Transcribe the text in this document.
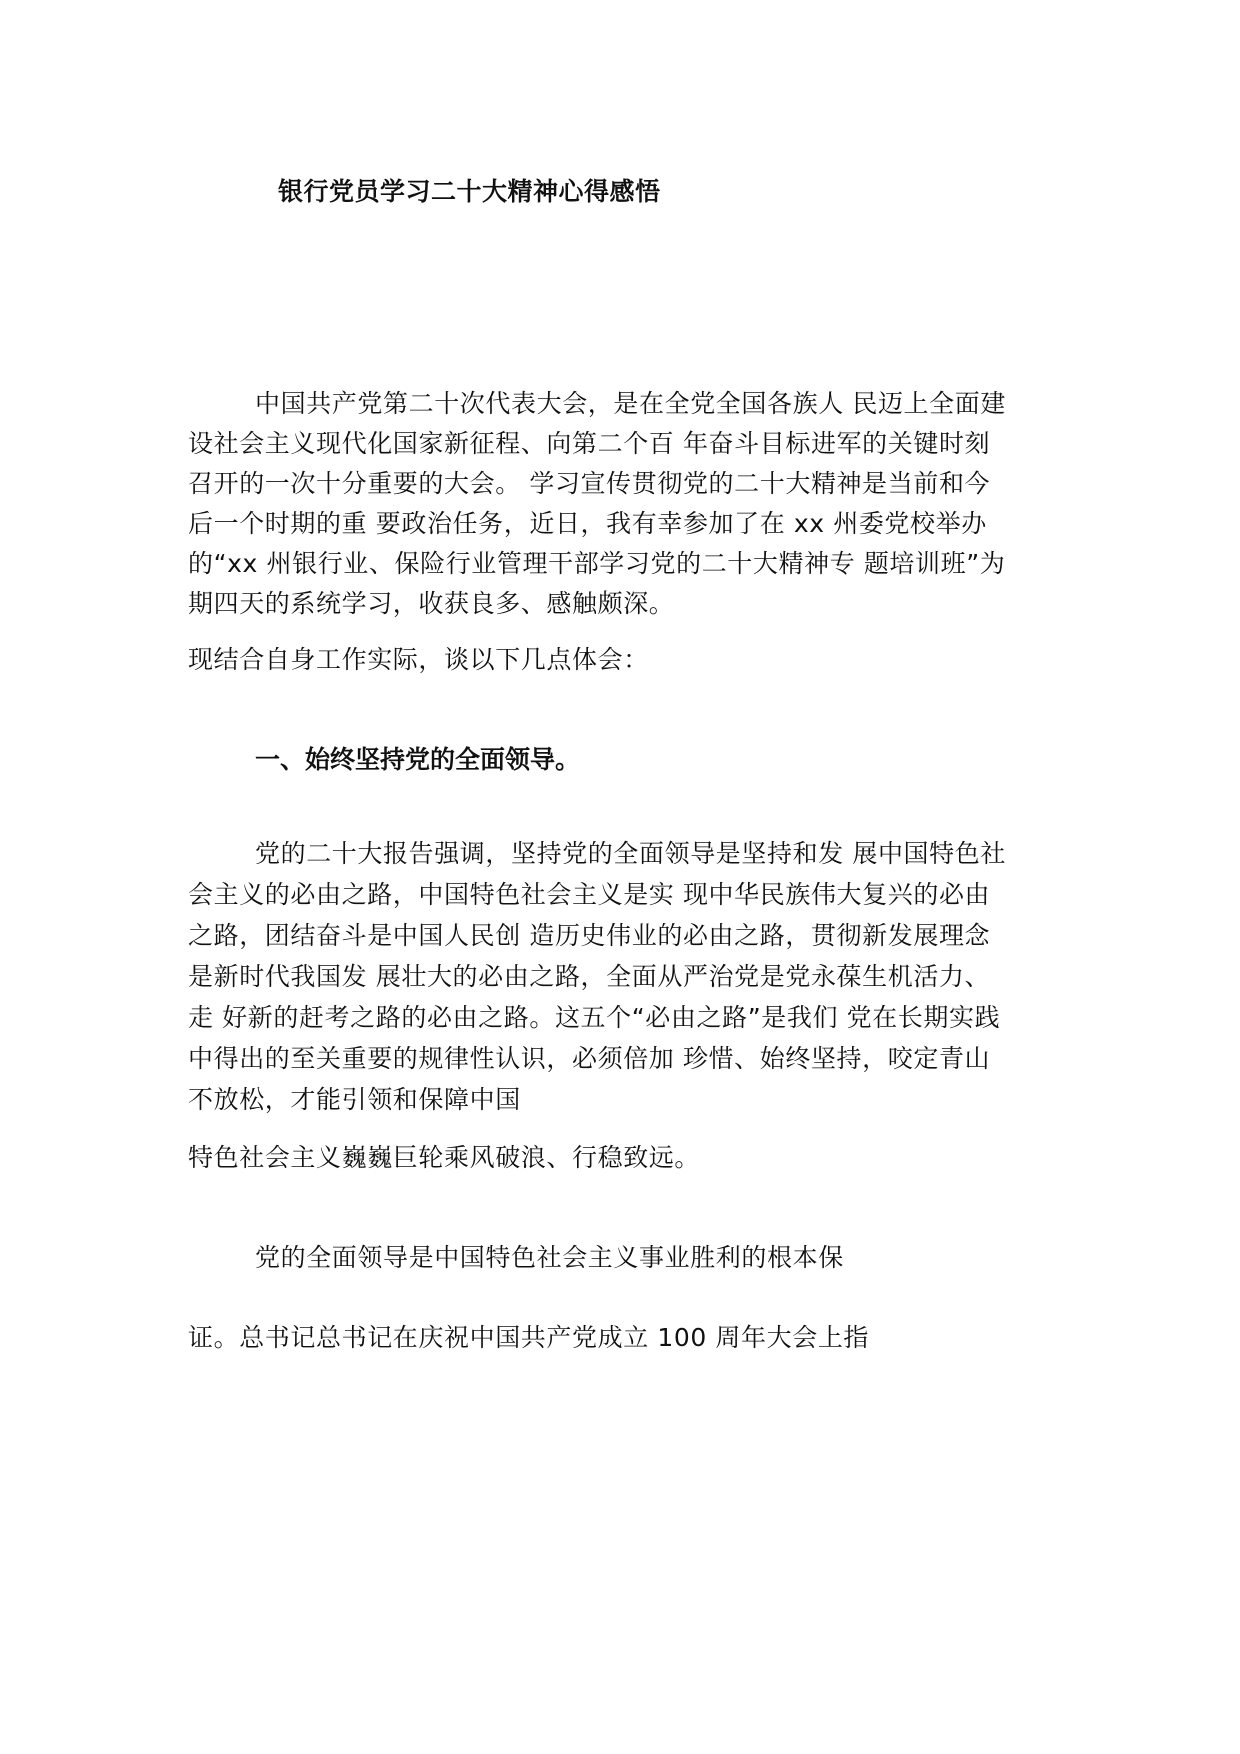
银行党员学习二十大精神心得感悟
中国共产党第二十次代表大会，是在全党全国各族人 民迈上全面建
设社会主义现代化国家新征程、向第二个百 年奋斗目标进军的关键时刻
召开的一次十分重要的大会。 学习宣传贯彻党的二十大精神是当前和今
后一个时期的重 要政治任务，近日，我有幸参加了在 xx 州委党校举办
的“xx 州银行业、保险行业管理干部学习党的二十大精神专 题培训班”为
期四天的系统学习，收获良多、感触颇深。
现结合自身工作实际，谈以下几点体会：
一、始终坚持党的全面领导。
党的二十大报告强调，坚持党的全面领导是坚持和发 展中国特色社
会主义的必由之路，中国特色社会主义是实 现中华民族伟大复兴的必由
之路，团结奋斗是中国人民创 造历史伟业的必由之路，贯彻新发展理念
是新时代我国发 展壮大的必由之路，全面从严治党是党永葆生机活力、
走 好新的赶考之路的必由之路。这五个“必由之路”是我们 党在长期实践
中得出的至关重要的规律性认识，必须倍加 珍惜、始终坚持，咬定青山
不放松，才能引领和保障中国
特色社会主义巍巍巨轮乘风破浪、行稳致远。
党的全面领导是中国特色社会主义事业胜利的根本保
证。总书记总书记在庆祝中国共产党成立 100 周年大会上指
